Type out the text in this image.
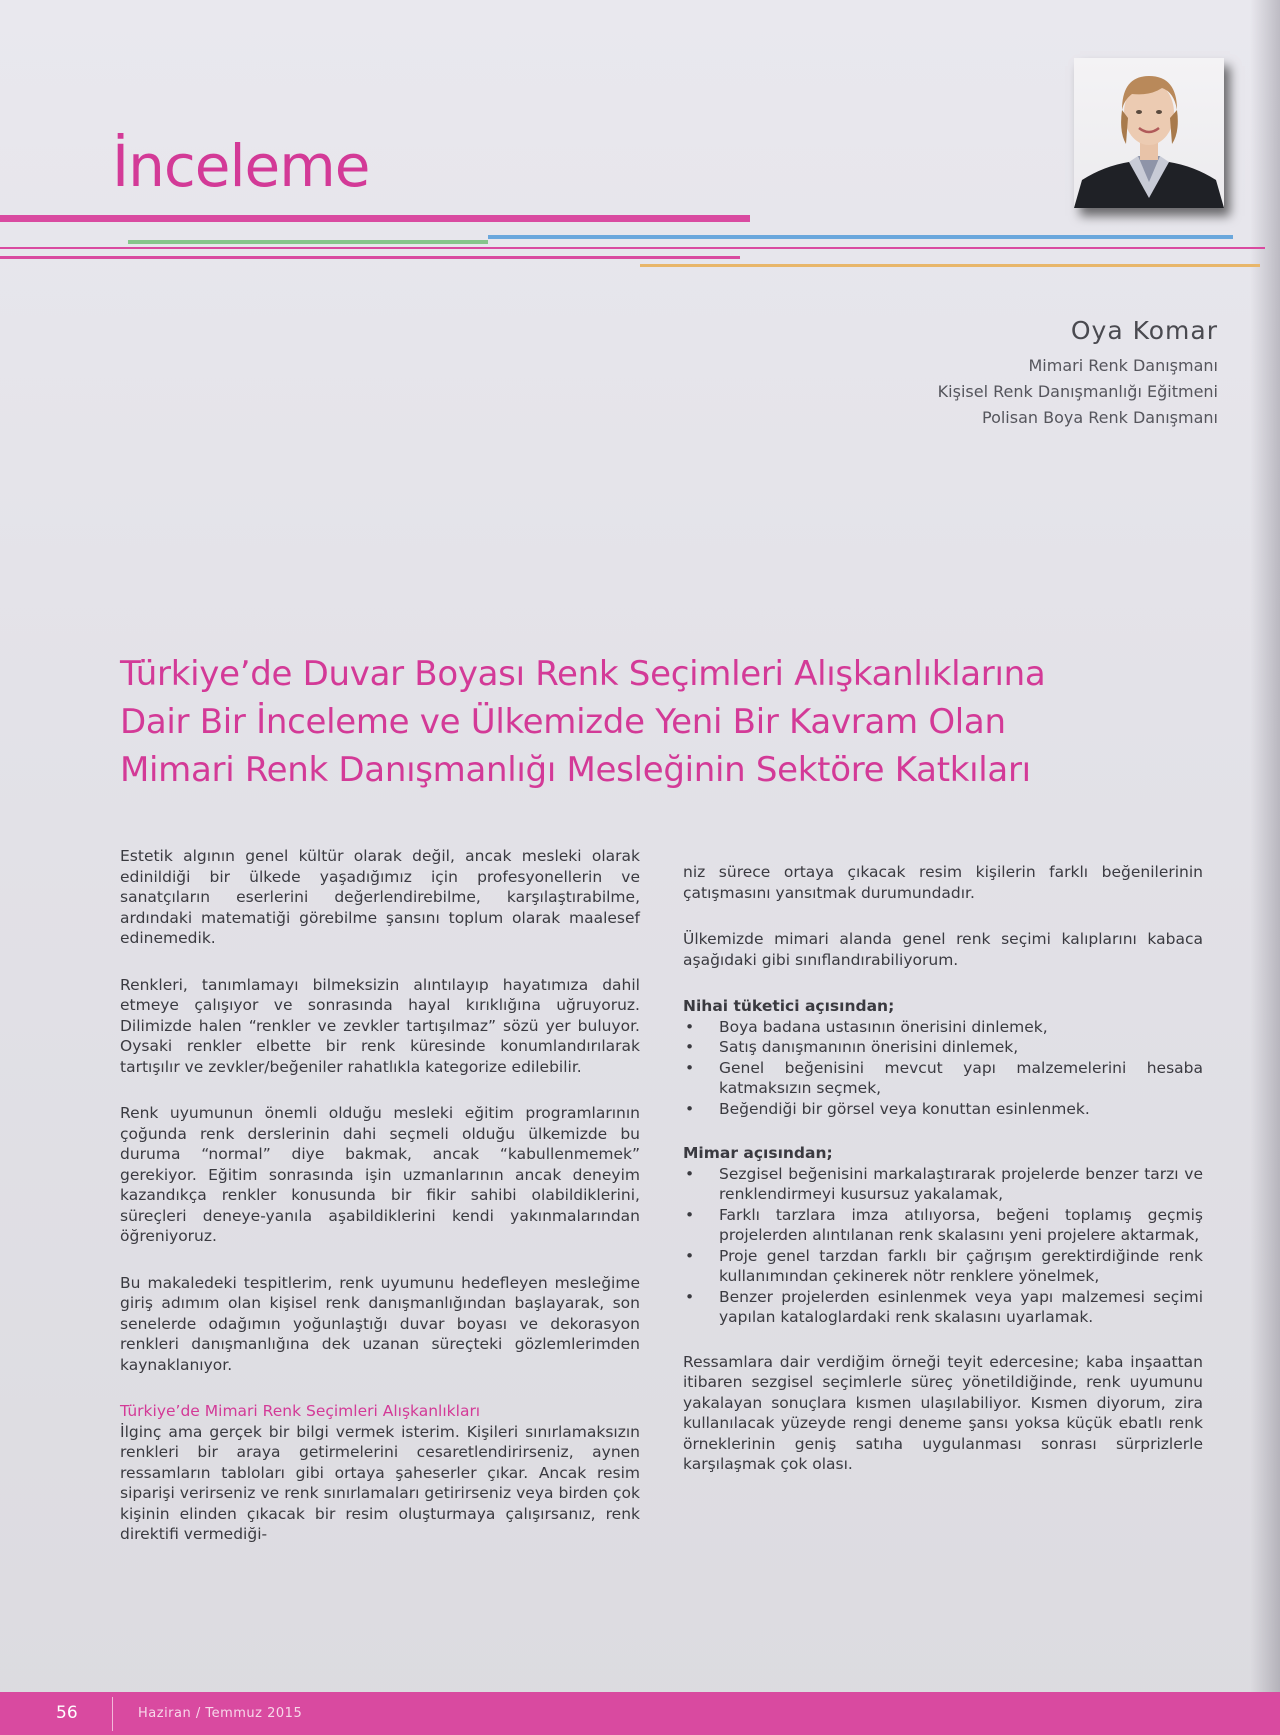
İnceleme

Oya Komar

Mimari Renk Danışmanı

Kişisel Renk Danışmanlığı Eğitmeni

Polisan Boya Renk Danışmanı

Türkiye’de Duvar Boyası Renk Seçimleri Alışkanlıklarına
Dair Bir İnceleme ve Ülkemizde Yeni Bir Kavram Olan
Mimari Renk Danışmanlığı Mesleğinin Sektöre Katkıları

Estetik algının genel kültür olarak değil, ancak mesleki olarak edinildiği bir ülkede yaşadığımız için profesyonellerin ve sanatçıların eserlerini değerlendirebilme, karşılaştırabilme, ardındaki matematiği görebilme şansını toplum olarak maalesef edinemedik.

Renkleri, tanımlamayı bilmeksizin alıntılayıp hayatımıza dahil etmeye çalışıyor ve sonrasında hayal kırıklığına uğruyoruz. Dilimizde halen “renkler ve zevkler tartışılmaz” sözü yer buluyor. Oysaki renkler elbette bir renk küresinde konumlandırılarak tartışılır ve zevkler/beğeniler rahatlıkla kategorize edilebilir.

Renk uyumunun önemli olduğu mesleki eğitim programlarının çoğunda renk derslerinin dahi seçmeli olduğu ülkemizde bu duruma “normal” diye bakmak, ancak “kabullenmemek” gerekiyor. Eğitim sonrasında işin uzmanlarının ancak deneyim kazandıkça renkler konusunda bir fikir sahibi olabildiklerini, süreçleri deneye-yanıla aşabildiklerini kendi yakınmalarından öğreniyoruz.

Bu makaledeki tespitlerim, renk uyumunu hedefleyen mesleğime giriş adımım olan kişisel renk danışmanlığından başlayarak, son senelerde odağımın yoğunlaştığı duvar boyası ve dekorasyon renkleri danışmanlığına dek uzanan süreçteki gözlemlerimden kaynaklanıyor.

Türkiye’de Mimari Renk Seçimleri Alışkanlıkları

İlginç ama gerçek bir bilgi vermek isterim. Kişileri sınırlamaksızın renkleri bir araya getirmelerini cesaretlendirirseniz, aynen ressamların tabloları gibi ortaya şaheserler çıkar. Ancak resim siparişi verirseniz ve renk sınırlamaları getirirseniz veya birden çok kişinin elinden çıkacak bir resim oluşturmaya çalışırsanız, renk direktifi vermediği-

niz sürece ortaya çıkacak resim kişilerin farklı beğenilerinin çatışmasını yansıtmak durumundadır.

Ülkemizde mimari alanda genel renk seçimi kalıplarını kabaca aşağıdaki gibi sınıflandırabiliyorum.

Nihai tüketici açısından;

• Boya badana ustasının önerisini dinlemek,
• Satış danışmanının önerisini dinlemek,
• Genel beğenisini mevcut yapı malzemelerini hesaba katmaksızın seçmek,
• Beğendiği bir görsel veya konuttan esinlenmek.

Mimar açısından;

• Sezgisel beğenisini markalaştırarak projelerde benzer tarzı ve renklendirmeyi kusursuz yakalamak,
• Farklı tarzlara imza atılıyorsa, beğeni toplamış geçmiş projelerden alıntılanan renk skalasını yeni projelere aktarmak,
• Proje genel tarzdan farklı bir çağrışım gerektirdiğinde renk kullanımından çekinerek nötr renklere yönelmek,
• Benzer projelerden esinlenmek veya yapı malzemesi seçimi yapılan kataloglardaki renk skalasını uyarlamak.

Ressamlara dair verdiğim örneği teyit edercesine; kaba inşaattan itibaren sezgisel seçimlerle süreç yönetildiğinde, renk uyumunu yakalayan sonuçlara kısmen ulaşılabiliyor. Kısmen diyorum, zira kullanılacak yüzeyde rengi deneme şansı yoksa küçük ebatlı renk örneklerinin geniş satıha uygulanması sonrası sürprizlerle karşılaşmak çok olası.

56	Haziran / Temmuz 2015
